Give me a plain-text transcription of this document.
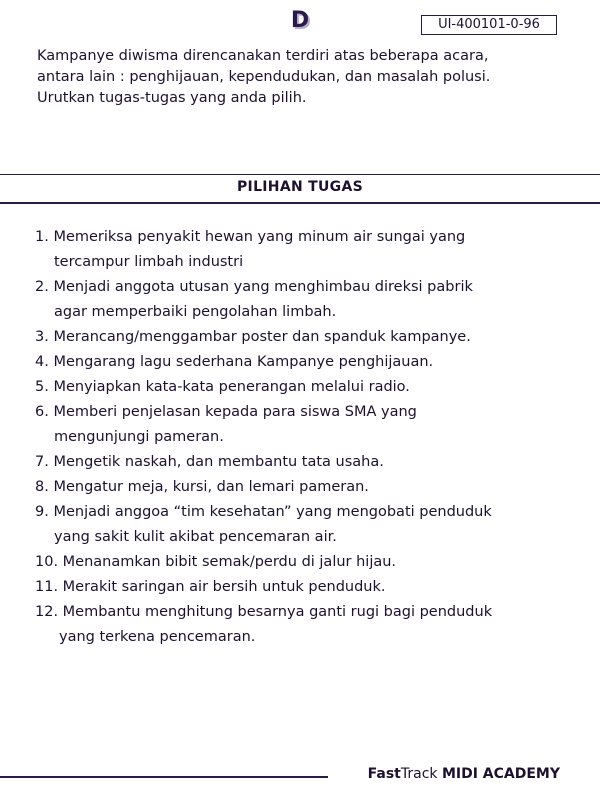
D	UI-400101-0-96
Kampanye diwisma direncanakan terdiri atas beberapa acara,
antara lain : penghijauan, kependudukan, dan masalah polusi.
Urutkan tugas-tugas yang anda pilih.
PILIHAN TUGAS
1. Memeriksa penyakit hewan yang minum air sungai yang
tercampur limbah industri
2. Menjadi anggota utusan yang menghimbau direksi pabrik
agar memperbaiki pengolahan limbah.
3. Merancang/menggambar poster dan spanduk kampanye.
4. Mengarang lagu sederhana Kampanye penghijauan.
5. Menyiapkan kata-kata penerangan melalui radio.
6. Memberi penjelasan kepada para siswa SMA yang
mengunjungi pameran.
7. Mengetik naskah, dan membantu tata usaha.
8. Mengatur meja, kursi, dan lemari pameran.
9. Menjadi anggoa “tim kesehatan” yang mengobati penduduk
yang sakit kulit akibat pencemaran air.
10. Menanamkan bibit semak/perdu di jalur hijau.
11. Merakit saringan air bersih untuk penduduk.
12. Membantu menghitung besarnya ganti rugi bagi penduduk
yang terkena pencemaran.
FastTrack MIDI ACADEMY
